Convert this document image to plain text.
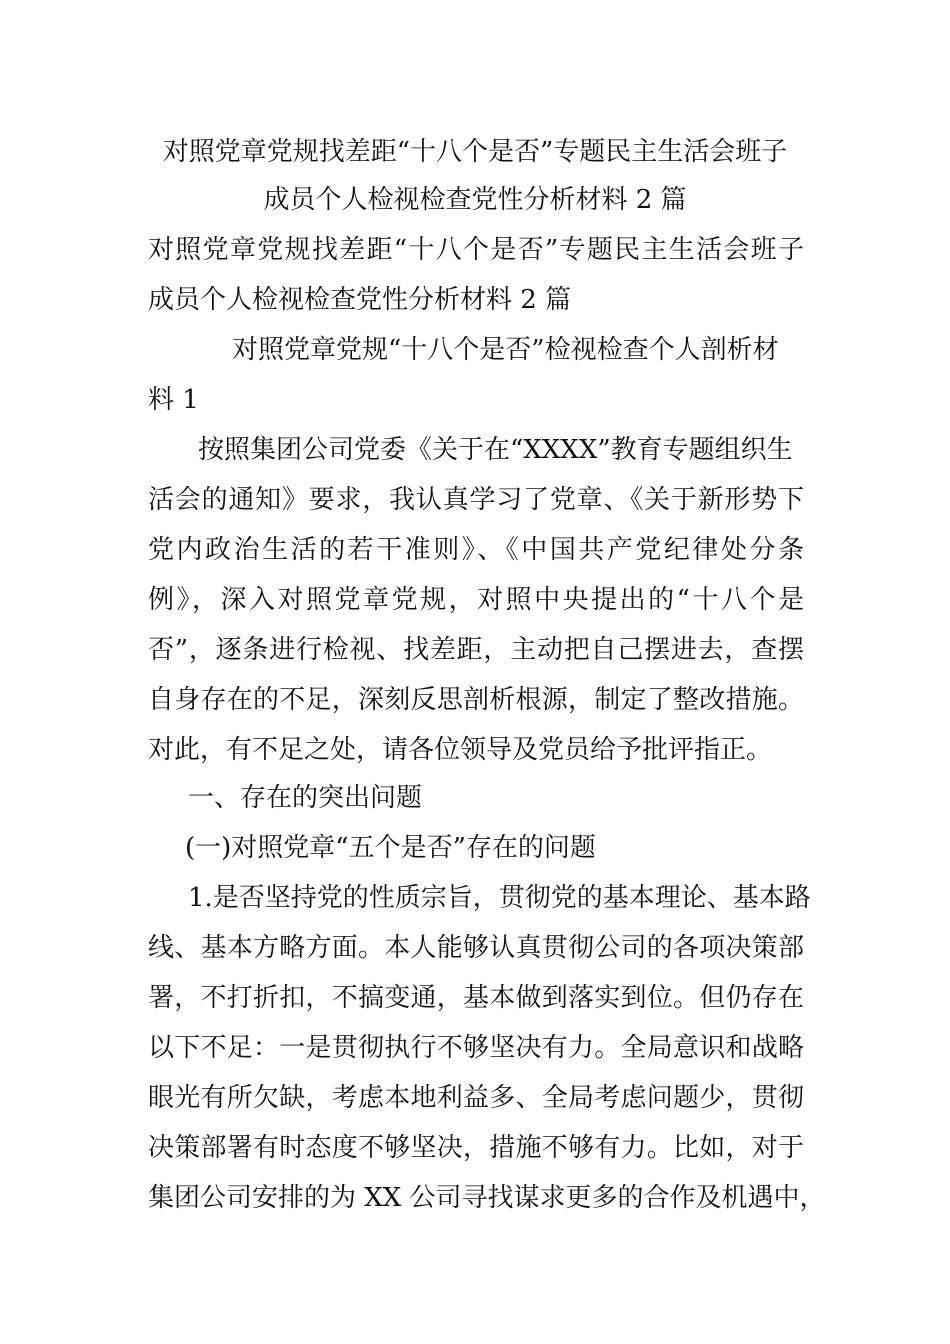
对照党章党规找差距“十八个是否”专题民主生活会班子
成员个人检视检查党性分析材料 2 篇
对照党章党规找差距“十八个是否”专题民主生活会班子
成员个人检视检查党性分析材料 2 篇
对照党章党规“十八个是否”检视检查个人剖析材
料 1
按照集团公司党委《关于在“XXXX”教育专题组织生
活会的通知》要求，我认真学习了党章、《关于新形势下
党内政治生活的若干准则》、《中国共产党纪律处分条
例》，深入对照党章党规，对照中央提出的“十八个是
否”，逐条进行检视、找差距，主动把自己摆进去，查摆
自身存在的不足，深刻反思剖析根源，制定了整改措施。
对此，有不足之处，请各位领导及党员给予批评指正。
一、存在的突出问题
(一)对照党章“五个是否”存在的问题
1.是否坚持党的性质宗旨，贯彻党的基本理论、基本路
线、基本方略方面。本人能够认真贯彻公司的各项决策部
署，不打折扣，不搞变通，基本做到落实到位。但仍存在
以下不足：一是贯彻执行不够坚决有力。全局意识和战略
眼光有所欠缺，考虑本地利益多、全局考虑问题少，贯彻
决策部署有时态度不够坚决，措施不够有力。比如，对于
集团公司安排的为 XX 公司寻找谋求更多的合作及机遇中，
